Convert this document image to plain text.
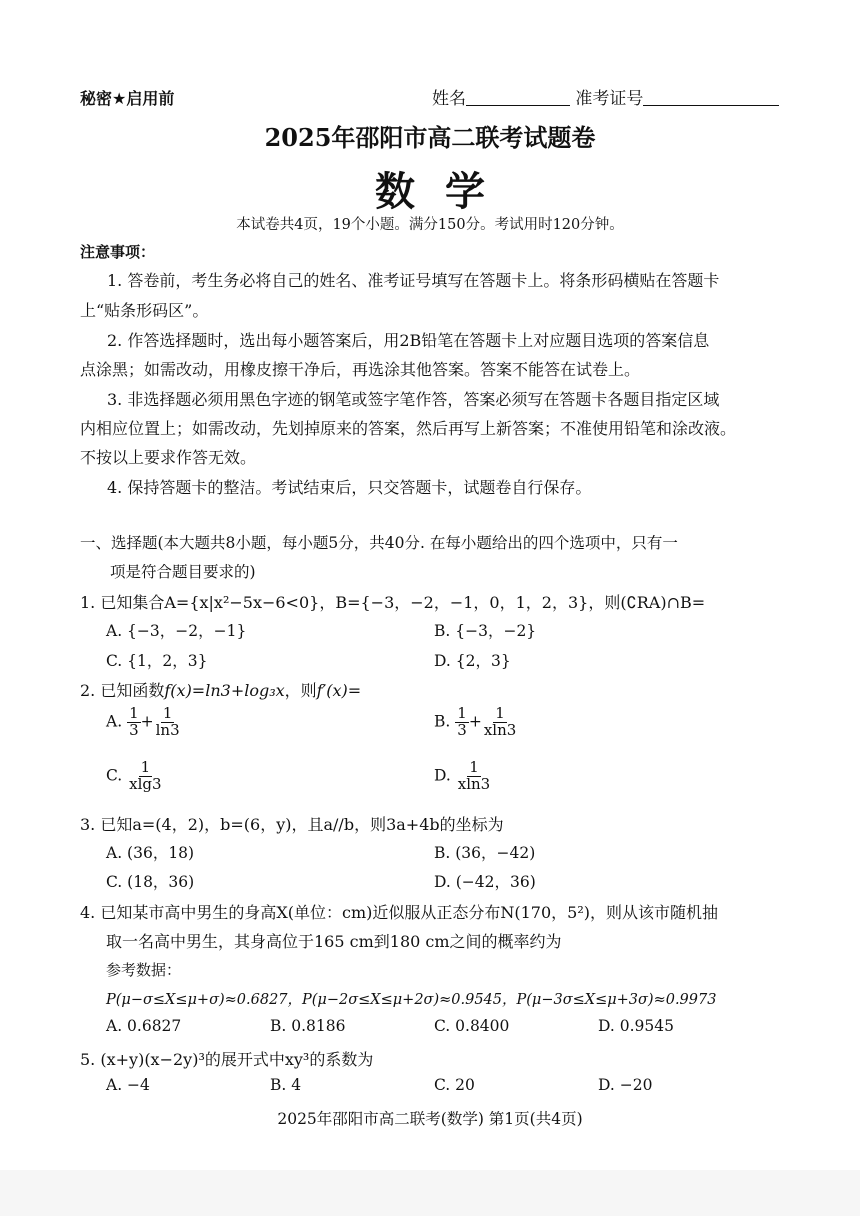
秘密★启用前	姓名	准考证号
2025年邵阳市高二联考试题卷
数学
本试卷共4页，19个小题。满分150分。考试用时120分钟。
注意事项：
1. 答卷前，考生务必将自己的姓名、准考证号填写在答题卡上。将条形码横贴在答题卡
上“贴条形码区”。
2. 作答选择题时，选出每小题答案后，用2B铅笔在答题卡上对应题目选项的答案信息
点涂黑；如需改动，用橡皮擦干净后，再选涂其他答案。答案不能答在试卷上。
3. 非选择题必须用黑色字迹的钢笔或签字笔作答，答案必须写在答题卡各题目指定区域
内相应位置上；如需改动，先划掉原来的答案，然后再写上新答案；不准使用铅笔和涂改液。
不按以上要求作答无效。
4. 保持答题卡的整洁。考试结束后，只交答题卡，试题卷自行保存。
一、选择题(本大题共8小题，每小题5分，共40分. 在每小题给出的四个选项中，只有一
项是符合题目要求的)
1. 已知集合A={x|x²−5x−6<0}，B={−3，−2，−1，0，1，2，3}，则(∁RA)∩B=
A. {−3，−2，−1}	B. {−3，−2}
C. {1，2，3}	D. {2，3}
2. 已知函数f(x)=ln3+log₃x，则f′(x)=
A. $\frac{1}{3} + \frac{1}{\ln 3}$	B. $\frac{1}{3} + \frac{1}{xln3}$
C. $\frac{1}{xlg3}$	D. $\frac{1}{xln3}$
3. 已知a=(4，2)，b=(6，y)，且a//b，则3a+4b的坐标为
A. (36，18)	B. (36，−42)
C. (18，36)	D. (−42，36)
4. 已知某市高中男生的身高X(单位：cm)近似服从正态分布N(170，5²)，则从该市随机抽
取一名高中男生，其身高位于165 cm到180 cm之间的概率约为
参考数据：
P(μ−σ≤X≤μ+σ)≈0.6827，P(μ−2σ≤X≤μ+2σ)≈0.9545，P(μ−3σ≤X≤μ+3σ)≈0.9973
A. 0.6827	B. 0.8186	C. 0.8400	D. 0.9545
5. (x+y)(x−2y)³的展开式中xy³的系数为
A. −4	B. 4	C. 20	D. −20
2025年邵阳市高二联考(数学) 第1页(共4页)
